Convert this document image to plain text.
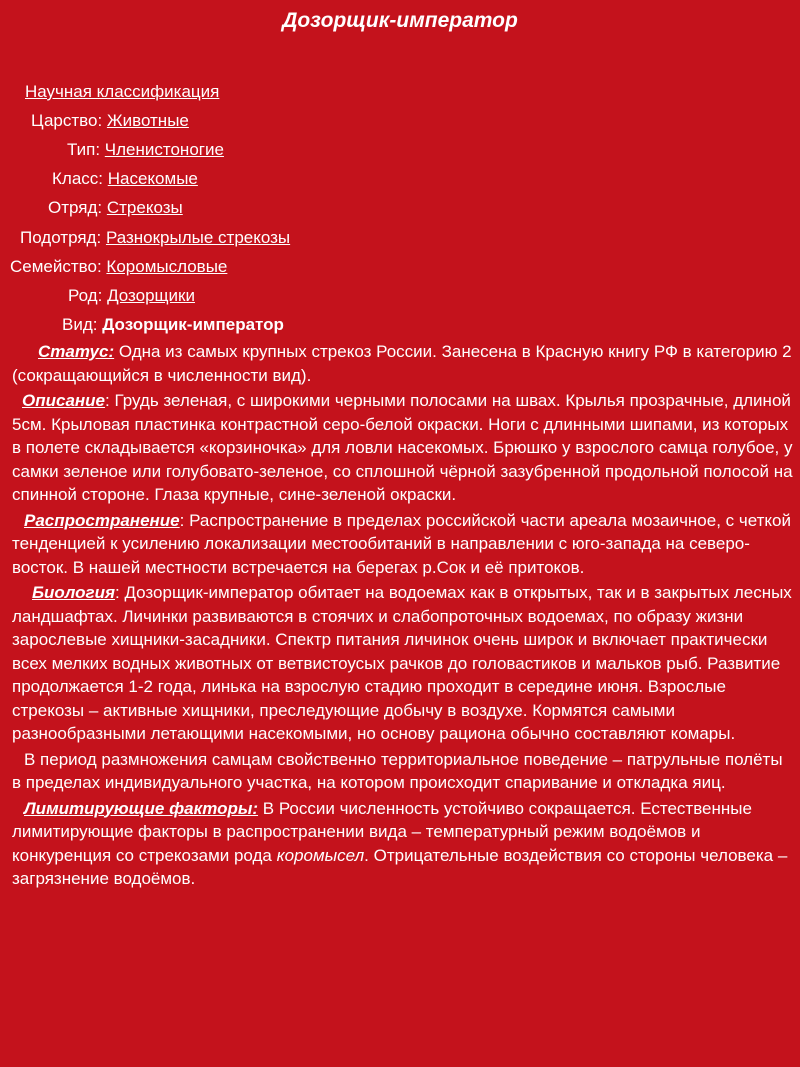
Дозорщик-император
Научная классификация
Царство: Животные
Тип: Членистоногие
Класс: Насекомые
Отряд: Стрекозы
Подотряд: Разнокрылые стрекозы
Семейство: Коромысловые
Род: Дозорщики
Вид: Дозорщик-император

Статус: Одна из самых крупных стрекоз России. Занесена в Красную книгу РФ в категорию 2 (сокращающийся в численности вид).

Описание: Грудь зеленая, с широкими черными полосами на швах. Крылья прозрачные, длиной 5см. Крыловая пластинка контрастной серо-белой окраски. Ноги с длинными шипами, из которых в полете складывается «корзиночка» для ловли насекомых. Брюшко у взрослого самца голубое, у самки зеленое или голубовато-зеленое, со сплошной чёрной зазубренной продольной полосой на спинной стороне. Глаза крупные, сине-зеленой окраски.

Распространение: Распространение в пределах российской части ареала мозаичное, с четкой тенденцией к усилению локализации местообитаний в направлении с юго-запада на северо-восток. В нашей местности встречается на берегах р.Сок и её притоков.

Биология: Дозорщик-император обитает на водоемах как в открытых, так и в закрытых лесных ландшафтах. Личинки развиваются в стоячих и слабопроточных водоемах, по образу жизни зарослевые хищники-засадники. Спектр питания личинок очень широк и включает практически всех мелких водных животных от ветвистоусых рачков до головастиков и мальков рыб. Развитие продолжается 1-2 года, линька на взрослую стадию проходит в середине июня. Взрослые стрекозы – активные хищники, преследующие добычу в воздухе. Кормятся самыми разнообразными летающими насекомыми, но основу рациона обычно составляют комары.

В период размножения самцам свойственно территориальное поведение – патрульные полёты в пределах индивидуального участка, на котором происходит спаривание и откладка яиц.

Лимитирующие факторы: В России численность устойчиво сокращается. Естественные лимитирующие факторы в распространении вида – температурный режим водоёмов и конкуренция со стрекозами рода коромысел. Отрицательные воздействия со стороны человека – загрязнение водоёмов.
